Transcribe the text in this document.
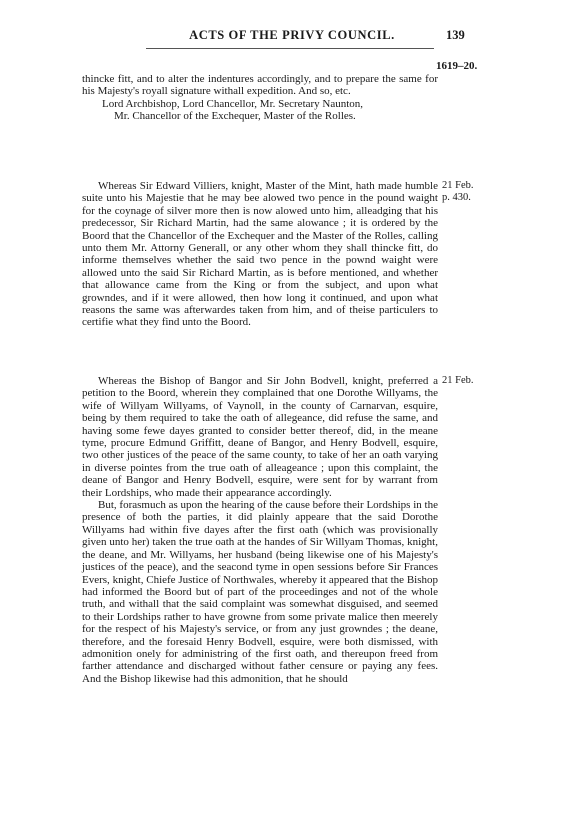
ACTS OF THE PRIVY COUNCIL.	139
1619–20.

thincke fitt, and to alter the indentures accordingly, and to prepare the same for his Majesty's royall signature withall expedition. And so, etc.

Lord Archbishop, Lord Chancellor, Mr. Secretary Naunton,
Mr. Chancellor of the Exchequer, Master of the Rolles.

Whereas Sir Edward Villiers, knight, Master of the Mint, hath made humble suite unto his Majestie that he may bee alowed two pence in the pound waight for the coynage of silver more then is now alowed unto him, alleadging that his predecessor, Sir Richard Martin, had the same alowance ; it is ordered by the Boord that the Chancellor of the Exchequer and the Master of the Rolles, calling unto them Mr. Attorny Generall, or any other whom they shall thincke fitt, do informe themselves whether the said two pence in the pownd waight were allowed unto the said Sir Richard Martin, as is before mentioned, and whether that allowance came from the King or from the subject, and upon what growndes, and if it were allowed, then how long it continued, and upon what reasons the same was afterwardes taken from him, and of theise particulers to certifie what they find unto the Boord.

21 Feb.
p. 430.

Whereas the Bishop of Bangor and Sir John Bodvell, knight, preferred a petition to the Boord, wherein they complained that one Dorothe Willyams, the wife of Willyam Willyams, of Vaynoll, in the county of Carnarvan, esquire, being by them required to take the oath of allegeance, did refuse the same, and having some fewe dayes granted to consider better thereof, did, in the meane tyme, procure Edmund Griffitt, deane of Bangor, and Henry Bodvell, esquire, two other justices of the peace of the same county, to take of her an oath varying in diverse pointes from the true oath of alleageance ; upon this complaint, the deane of Bangor and Henry Bodvell, esquire, were sent for by warrant from their Lordships, who made their appearance accordingly.

But, forasmuch as upon the hearing of the cause before their Lordships in the presence of both the parties, it did plainly appeare that the said Dorothe Willyams had within five dayes after the first oath (which was provisionally given unto her) taken the true oath at the handes of Sir Willyam Thomas, knight, the deane, and Mr. Willyams, her husband (being likewise one of his Majesty's justices of the peace), and the seacond tyme in open sessions before Sir Frances Evers, knight, Chiefe Justice of Northwales, whereby it appeared that the Bishop had informed the Boord but of part of the proceedinges and not of the whole truth, and withall that the said complaint was somewhat disguised, and seemed to their Lordships rather to have growne from some private malice then meerely for the respect of his Majesty's service, or from any just growndes ; the deane, therefore, and the foresaid Henry Bodvell, esquire, were both dismissed, with admonition onely for administring of the first oath, and thereupon freed from farther attendance and discharged without father censure or paying any fees. And the Bishop likewise had this admonition, that he should

21 Feb.
